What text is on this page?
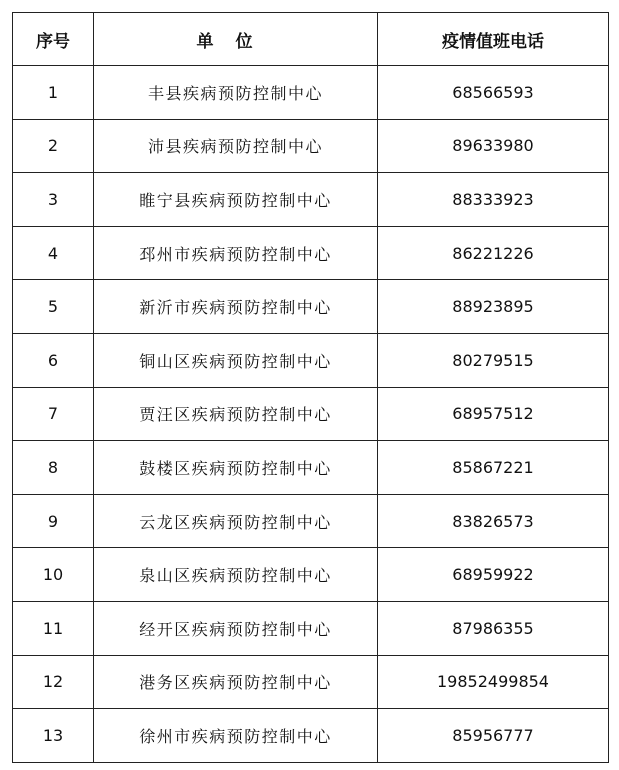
序号	单位	疫情值班电话
1	丰县疾病预防控制中心	68566593
2	沛县疾病预防控制中心	89633980
3	睢宁县疾病预防控制中心	88333923
4	邳州市疾病预防控制中心	86221226
5	新沂市疾病预防控制中心	88923895
6	铜山区疾病预防控制中心	80279515
7	贾汪区疾病预防控制中心	68957512
8	鼓楼区疾病预防控制中心	85867221
9	云龙区疾病预防控制中心	83826573
10	泉山区疾病预防控制中心	68959922
11	经开区疾病预防控制中心	87986355
12	港务区疾病预防控制中心	19852499854
13	徐州市疾病预防控制中心	85956777
